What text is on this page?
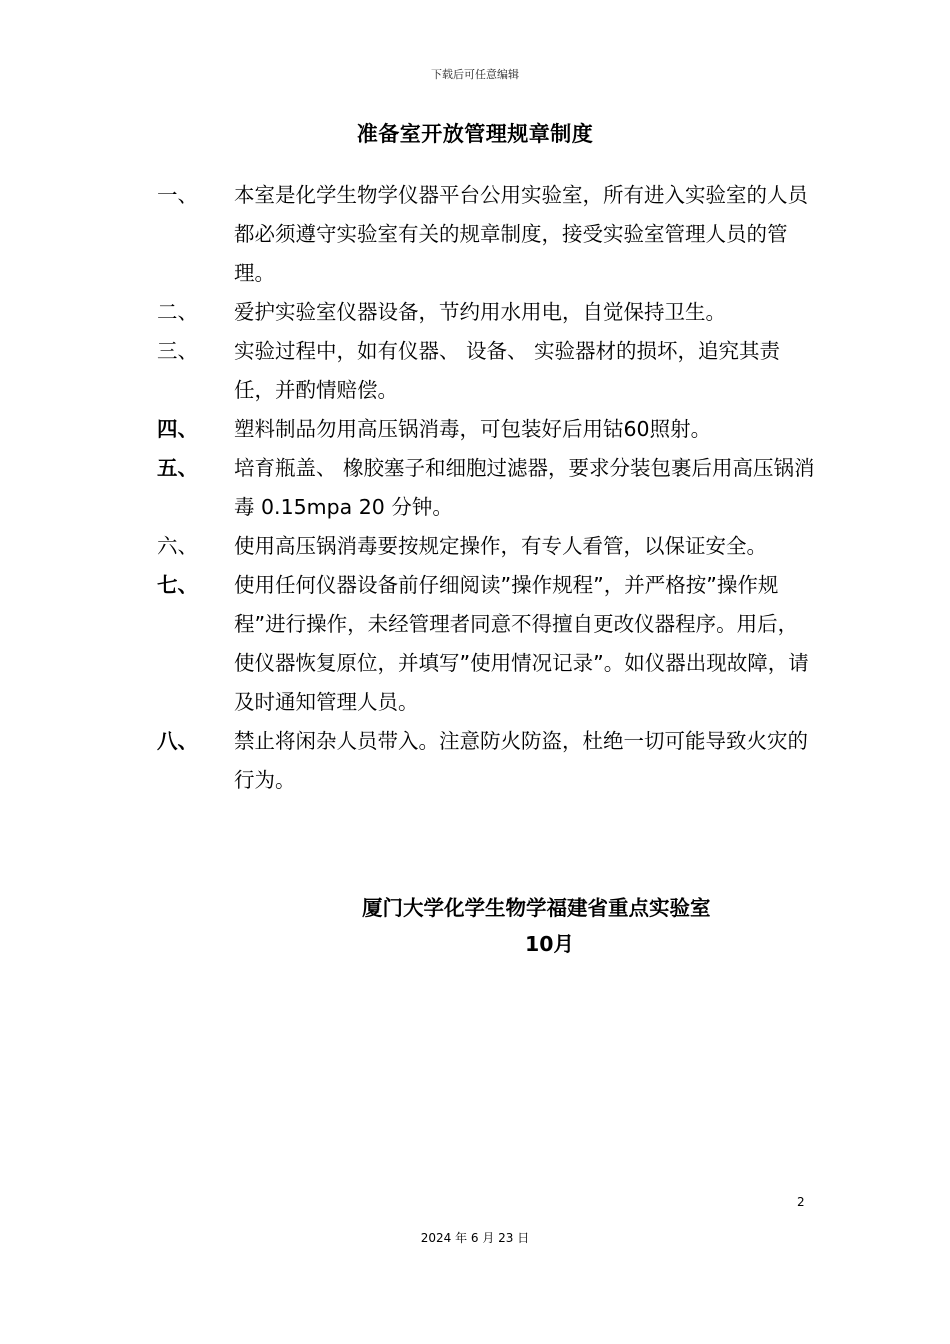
下载后可任意编辑
准备室开放管理规章制度
一、 本室是化学生物学仪器平台公用实验室，所有进入实验室的人员都必须遵守实验室有关的规章制度，接受实验室管理人员的管理。
二、 爱护实验室仪器设备，节约用水用电，自觉保持卫生。
三、 实验过程中，如有仪器、 设备、 实验器材的损坏，追究其责任，并酌情赔偿。
四、 塑料制品勿用高压锅消毒，可包装好后用钴60照射。
五、 培育瓶盖、 橡胶塞子和细胞过滤器，要求分装包裹后用高压锅消毒 0.15mpa 20 分钟。
六、 使用高压锅消毒要按规定操作，有专人看管，以保证安全。
七、 使用任何仪器设备前仔细阅读”操作规程”，并严格按”操作规程”进行操作，未经管理者同意不得擅自更改仪器程序。用后，使仪器恢复原位，并填写”使用情况记录”。如仪器出现故障，请及时通知管理人员。
八、 禁止将闲杂人员带入。注意防火防盗，杜绝一切可能导致火灾的行为。
厦门大学化学生物学福建省重点实验室
10月
2
2024 年 6 月 23 日
